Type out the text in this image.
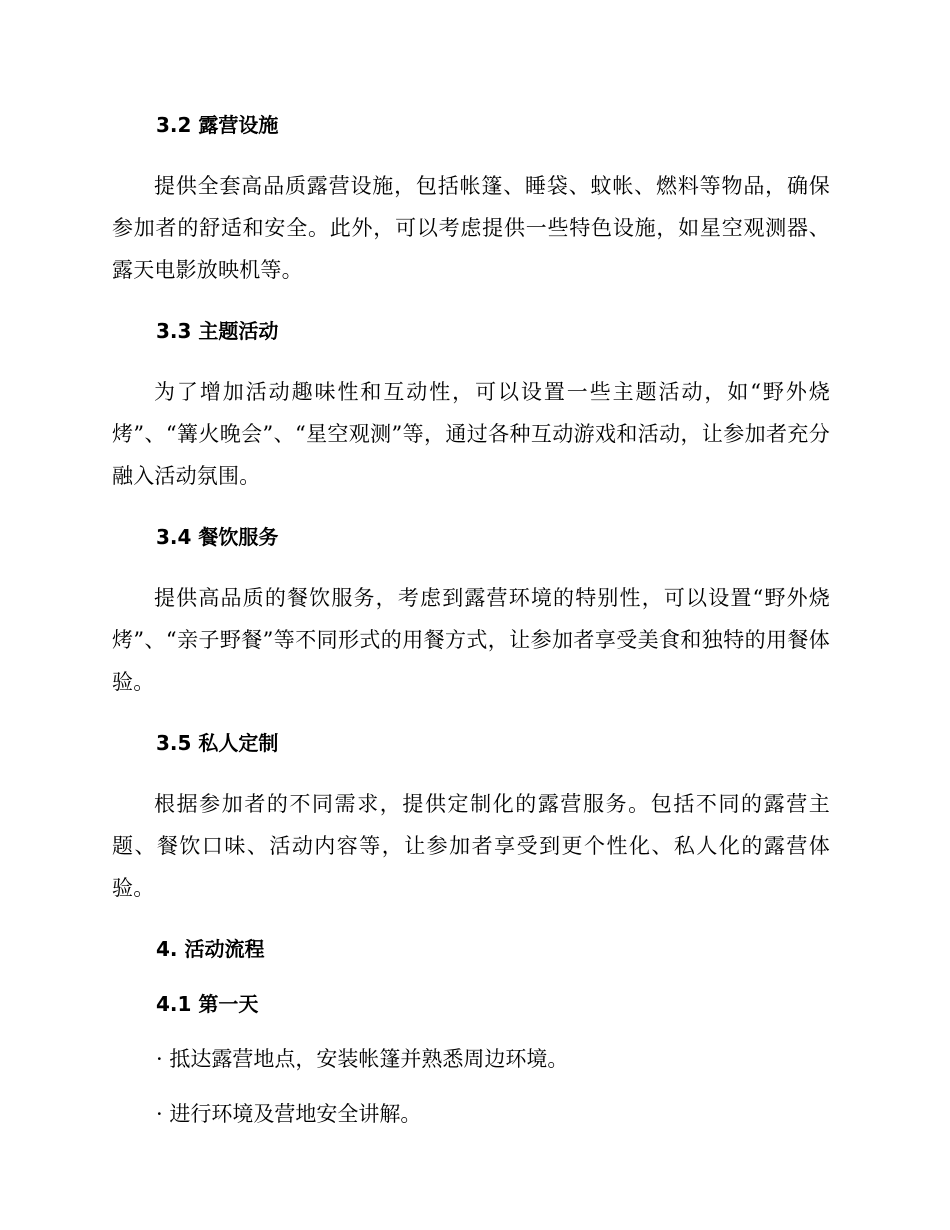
3.2 露营设施

提供全套高品质露营设施，包括帐篷、睡袋、蚊帐、燃料等物品，确保参加者的舒适和安全。此外，可以考虑提供一些特色设施，如星空观测器、露天电影放映机等。

3.3 主题活动

为了增加活动趣味性和互动性，可以设置一些主题活动，如“野外烧烤”、“篝火晚会”、“星空观测”等，通过各种互动游戏和活动，让参加者充分融入活动氛围。

3.4 餐饮服务

提供高品质的餐饮服务，考虑到露营环境的特别性，可以设置“野外烧烤”、“亲子野餐”等不同形式的用餐方式，让参加者享受美食和独特的用餐体验。

3.5 私人定制

根据参加者的不同需求，提供定制化的露营服务。包括不同的露营主题、餐饮口味、活动内容等，让参加者享受到更个性化、私人化的露营体验。

4. 活动流程
4.1 第一天

· 抵达露营地点，安装帐篷并熟悉周边环境。

· 进行环境及营地安全讲解。
